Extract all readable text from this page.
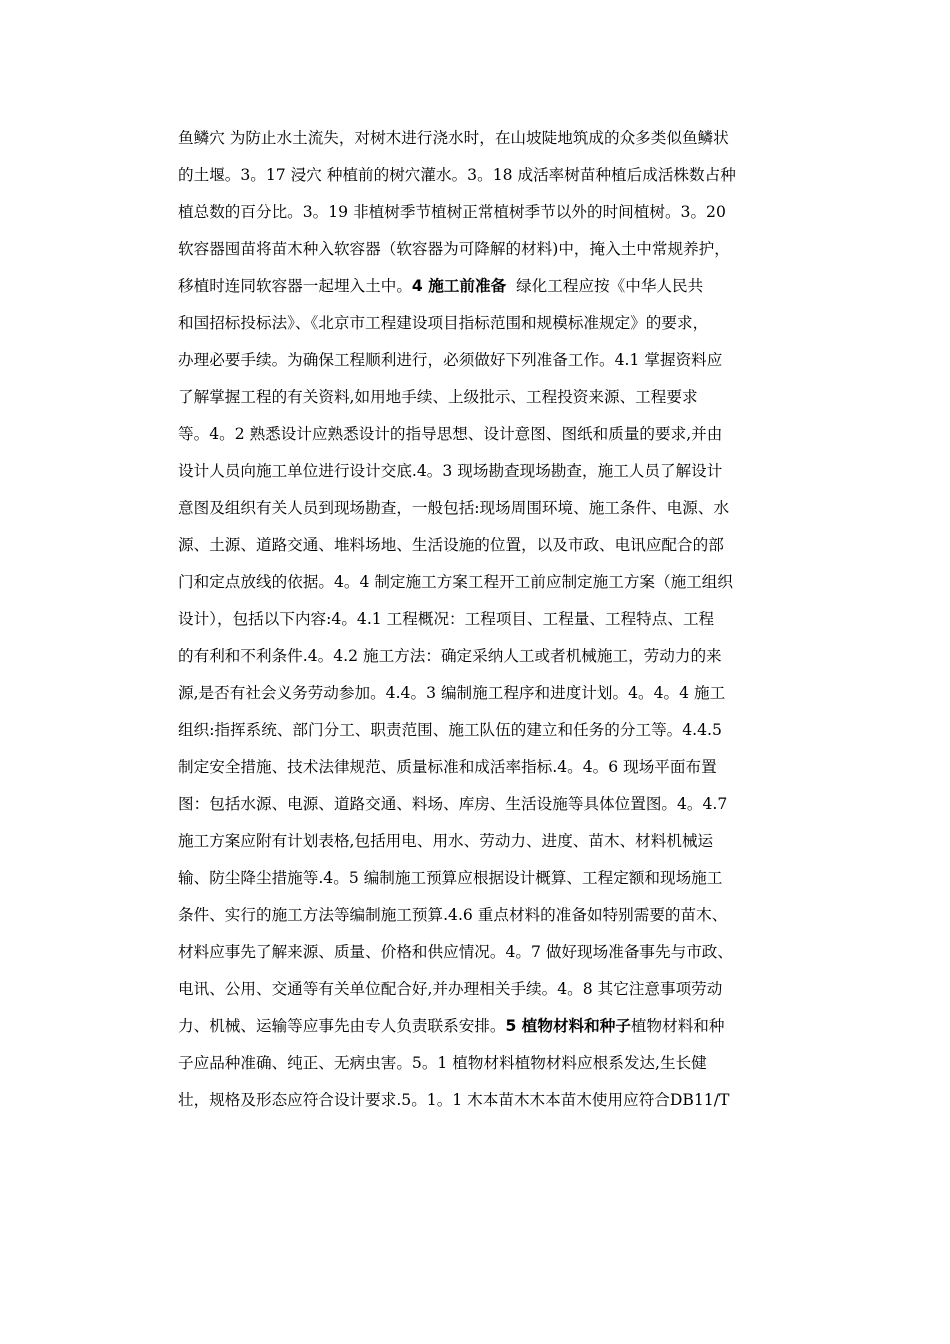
鱼鳞穴 为防止水土流失，对树木进行浇水时，在山坡陡地筑成的众多类似鱼鳞状
的土堰。3。17 浸穴 种植前的树穴灌水。3。18 成活率树苗种植后成活株数占种
植总数的百分比。3。19 非植树季节植树正常植树季节以外的时间植树。3。20
软容器囤苗将苗木种入软容器（软容器为可降解的材料)中，掩入土中常规养护，
移植时连同软容器一起埋入土中。4 施工前准备  绿化工程应按《中华人民共
和国招标投标法》、《北京市工程建设项目指标范围和规模标准规定》的要求，
办理必要手续。为确保工程顺利进行，必须做好下列准备工作。4.1 掌握资料应
了解掌握工程的有关资料,如用地手续、上级批示、工程投资来源、工程要求
等。4。2 熟悉设计应熟悉设计的指导思想、设计意图、图纸和质量的要求,并由
设计人员向施工单位进行设计交底.4。3 现场勘查现场勘查，施工人员了解设计
意图及组织有关人员到现场勘查，一般包括:现场周围环境、施工条件、电源、水
源、土源、道路交通、堆料场地、生活设施的位置，以及市政、电讯应配合的部
门和定点放线的依据。4。4 制定施工方案工程开工前应制定施工方案（施工组织
设计），包括以下内容:4。4.1 工程概况：工程项目、工程量、工程特点、工程
的有利和不利条件.4。4.2 施工方法：确定采纳人工或者机械施工，劳动力的来
源,是否有社会义务劳动参加。4.4。3 编制施工程序和进度计划。4。4。4 施工
组织:指挥系统、部门分工、职责范围、施工队伍的建立和任务的分工等。4.4.5
制定安全措施、技术法律规范、质量标准和成活率指标.4。4。6 现场平面布置
图：包括水源、电源、道路交通、料场、库房、生活设施等具体位置图。4。4.7
施工方案应附有计划表格,包括用电、用水、劳动力、进度、苗木、材料机械运
输、防尘降尘措施等.4。5 编制施工预算应根据设计概算、工程定额和现场施工
条件、实行的施工方法等编制施工预算.4.6 重点材料的准备如特别需要的苗木、
材料应事先了解来源、质量、价格和供应情况。4。7 做好现场准备事先与市政、
电讯、公用、交通等有关单位配合好,并办理相关手续。4。8 其它注意事项劳动
力、机械、运输等应事先由专人负责联系安排。5 植物材料和种子植物材料和种
子应品种准确、纯正、无病虫害。5。1 植物材料植物材料应根系发达,生长健
壮，规格及形态应符合设计要求.5。1。1 木本苗木木本苗木使用应符合DB11/T
